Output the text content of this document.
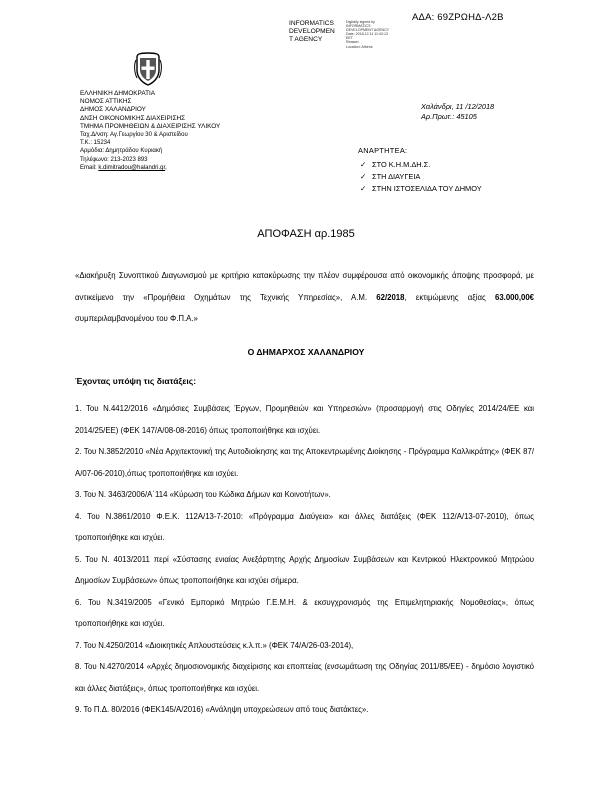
ΑΔΑ: 69ΖΡΩΗΔ-Λ2Β
INFORMATICS
DEVELOPMEN
T AGENCY
Digitally signed by
INFORMATICS
DEVELOPMENT AGENCY
Date: 2018.12.11 11:43:13
EET
Reason:
Location: Athens
ΕΛΛΗΝΙΚΗ ΔΗΜΟΚΡΑΤΙΑ
ΝΟΜΟΣ ΑΤΤΙΚΗΣ
ΔΗΜΟΣ ΧΑΛΑΝΔΡΙΟΥ
ΔΝΣΗ ΟΙΚΟΝΟΜΙΚΗΣ ΔΙΑΧΕΙΡΙΣΗΣ
ΤΜΗΜΑ ΠΡΟΜΗΘΕΙΩΝ & ΔΙΑΧΕΙΡΙΣΗΣ ΥΛΙΚΟΥ
Ταχ.Δ/νση: Αγ.Γεωργίου 30 & Αριστείδου
Τ.Κ.: 15234
Αρμόδια: Δημητράδου Κυριακή
Τηλέφωνο: 213-2023 893
Email: k.dimitradou@halandri.gr,
Χαλάνδρι, 11 /12/2018
Αρ.Πρωτ.: 45105
ΑΝΑΡΤΗΤΕΑ:
✓ ΣΤΟ Κ.Η.Μ.ΔΗ.Σ.
✓ ΣΤΗ ΔΙΑΥΓΕΙΑ
✓ ΣΤΗΝ ΙΣΤΟΣΕΛΙΔΑ ΤΟΥ ΔΗΜΟΥ
ΑΠΟΦΑΣΗ αρ.1985
«Διακήρυξη Συνοπτικού Διαγωνισμού με κριτήριο κατακύρωσης την πλέον συμφέρουσα από οικονομικής άποψης προσφορά, με αντικείμενο την «Προμήθεια Οχημάτων της Τεχνικής Υπηρεσίας», Α.Μ. 62/2018, εκτιμώμενης αξίας 63.000,00€ συμπεριλαμβανομένου του Φ.Π.Α.»
Ο ΔΗΜΑΡΧΟΣ ΧΑΛΑΝΔΡΙΟΥ
Έχοντας υπόψη τις διατάξεις:

1. Του Ν.4412/2016 «Δημόσιες Συμβάσεις Έργων, Προμηθειών και Υπηρεσιών» (προσαρμογή στις Οδηγίες 2014/24/ΕΕ και 2014/25/ΕΕ) (ΦΕΚ 147/Α/08-08-2016) όπως τροποποιήθηκε και ισχύει.

2. Του Ν.3852/2010 «Νέα Αρχιτεκτονική της Αυτοδιοίκησης και της Αποκεντρωμένης Διοίκησης - Πρόγραμμα Καλλικράτης» (ΦΕΚ 87/Α/07-06-2010),όπως τροποποιήθηκε και ισχύει.

3. Του Ν. 3463/2006/Α΄114 «Κύρωση του Κώδικα Δήμων και Κοινοτήτων».

4. Του Ν.3861/2010 Φ.Ε.Κ. 112Α/13-7-2010: «Πρόγραμμα Διαύγεια» και άλλες διατάξεις (ΦΕΚ 112/Α/13-07-2010), όπως τροποποιήθηκε και ισχύει.

5. Του Ν. 4013/2011 περί «Σύστασης ενιαίας Ανεξάρτητης Αρχής Δημοσίων Συμβάσεων και Κεντρικού Ηλεκτρονικού Μητρώου Δημοσίων Συμβάσεων» όπως τροποποιήθηκε και ισχύει σήμερα.

6. Του Ν.3419/2005 «Γενικό Εμπορικό Μητρώο Γ.Ε.Μ.Η. & εκσυγχρονισμός της Επιμελητηριακής Νομοθεσίας», όπως τροποποιήθηκε και ισχύει.

7. Του Ν.4250/2014 «Διοικητικές Απλουστεύσεις κ.λ.π.» (ΦΕΚ 74/Α/26-03-2014),

8. Του Ν.4270/2014 «Αρχές δημοσιονομικής διαχείρισης και εποπτείας (ενσωμάτωση της Οδηγίας 2011/85/ΕΕ) - δημόσιο λογιστικό και άλλες διατάξεις», όπως τροποποιήθηκε και ισχύει.

9. Το Π.Δ. 80/2016 (ΦΕΚ145/Α/2016) «Ανάληψη υποχρεώσεων από τους διατάκτες».
